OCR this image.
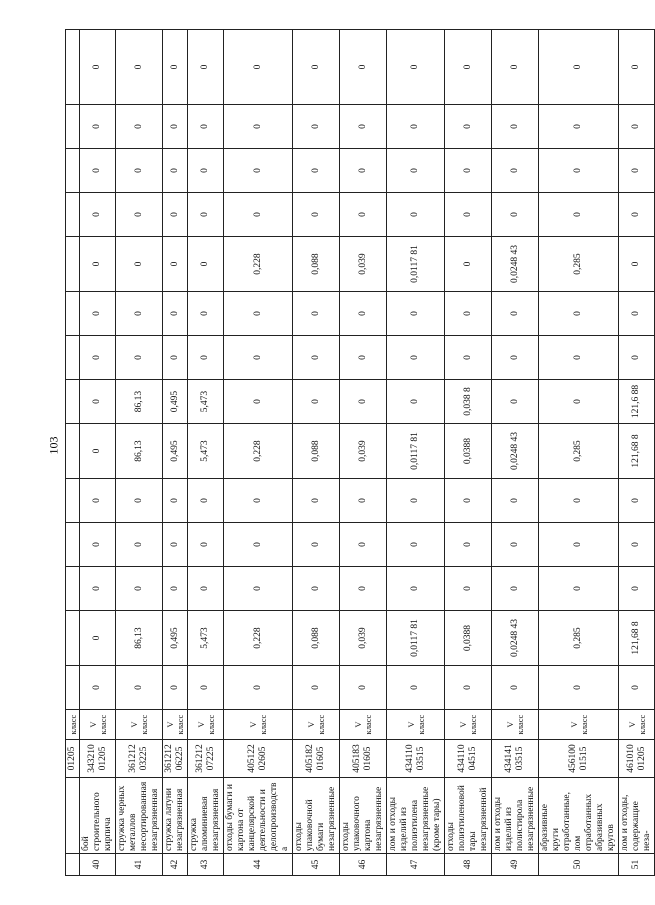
103
		01205	класс														
40	бой строительного кирпича	343210 01205	V класс	0	0	0	0	0	0	0	0	0	0	0	0	0	0
41	стружка черных металлов несортированная незагрязненная	361212 03225	V класс	0	86,13	0	0	0	86,13	86,13	0	0	0	0	0	0	0
42	стружка латуни незагрязненная	361212 06225	V класс	0	0,495	0	0	0	0,495	0,495	0	0	0	0	0	0	0
43	стружка алюминиевая незагрязненная	361212 07225	V класс	0	5,473	0	0	0	5,473	5,473	0	0	0	0	0	0	0
44	отходы бумаги и картона от канцелярской деятельности и делопроизводства	405122 02605	V класс	0	0,228	0	0	0	0,228	0	0	0	0,228	0	0	0	0
45	отходы упаковочной бумаги незагрязненные	405182 01605	V класс	0	0,088	0	0	0	0,088	0	0	0	0,088	0	0	0	0
46	отходы упаковочного картона незагрязненные	405183 01605	V класс	0	0,039	0	0	0	0,039	0	0	0	0,039	0	0	0	0
47	лом и отходы изделий из полиэтилена незагрязненные (кроме тары)	434110 03515	V класс	0	0,0117 81	0	0	0	0,0117 81	0	0	0	0,0117 81	0	0	0	0
48	отходы полиэтиленовой тары незагрязненной	434110 04515	V класс	0	0,0388	0	0	0	0,0388	0,038 8	0	0	0	0	0	0	0
49	лом и отходы изделий из полистирола незагрязненные	434141 03515	V класс	0	0,0248 43	0	0	0	0,0248 43	0	0	0	0,0248 43	0	0	0	0
50	абразивные круги отработанные, лом отработанных абразивных кругов	456100 01515	V класс	0	0,285	0	0	0	0,285	0	0	0	0,285	0	0	0	0
51	лом и отходы, содержащие неза-	461010 01205	V класс	0	121,68 8	0	0	0	121,68 8	121,6 88	0	0	0	0	0	0	0
